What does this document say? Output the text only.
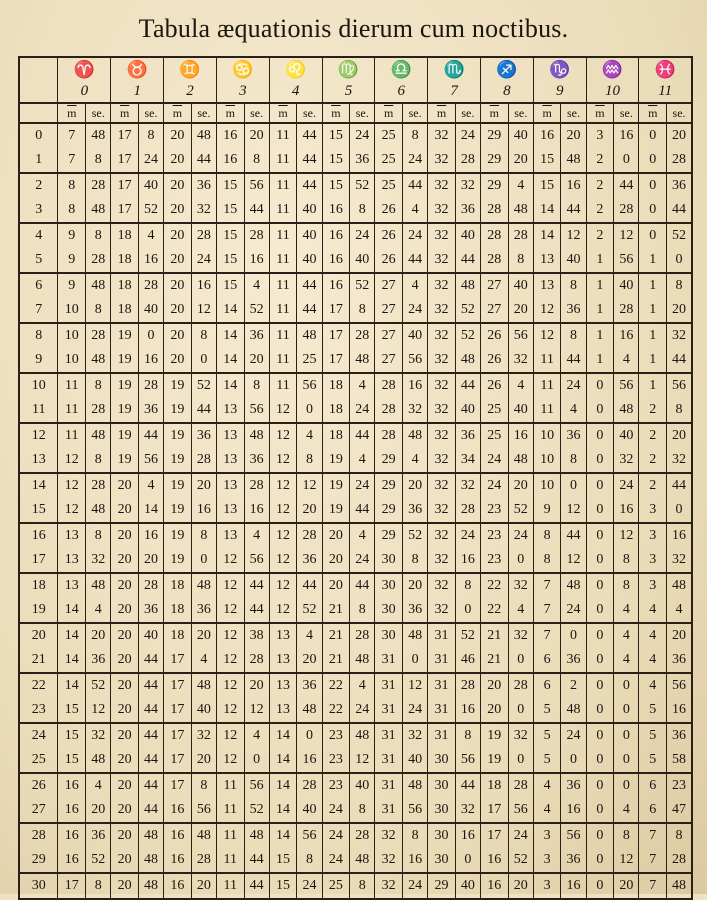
Tabula æquationis dierum cum noctibus.
	♈		♉		♊		♋		♌		♍		♎		♏		♐		♑		♒		♓	
	0		1		2		3		4		5		6		7		8		9		10		11	
	$\overline{m}$	se.	$\overline{m}$	se.	$\overline{m}$	se.	$\overline{m}$	se.	$\overline{m}$	se.	$\overline{m}$	se.	$\overline{m}$	se.	$\overline{m}$	se.	$\overline{m}$	se.	$\overline{m}$	se.	$\overline{m}$	se.	$\overline{m}$	se.
0	7	48	17	8	20	48	16	20	11	44	15	24	25	8	32	24	29	40	16	20	3	16	0	20
1	7	8	17	24	20	44	16	8	11	44	15	36	25	24	32	28	29	20	15	48	2	0	0	28
2	8	28	17	40	20	36	15	56	11	44	15	52	25	44	32	32	29	4	15	16	2	44	0	36
3	8	48	17	52	20	32	15	44	11	40	16	8	26	4	32	36	28	48	14	44	2	28	0	44
4	9	8	18	4	20	28	15	28	11	40	16	24	26	24	32	40	28	28	14	12	2	12	0	52
5	9	28	18	16	20	24	15	16	11	40	16	40	26	44	32	44	28	8	13	40	1	56	1	0
6	9	48	18	28	20	16	15	4	11	44	16	52	27	4	32	48	27	40	13	8	1	40	1	8
7	10	8	18	40	20	12	14	52	11	44	17	8	27	24	32	52	27	20	12	36	1	28	1	20
8	10	28	19	0	20	8	14	36	11	48	17	28	27	40	32	52	26	56	12	8	1	16	1	32
9	10	48	19	16	20	0	14	20	11	25	17	48	27	56	32	48	26	32	11	44	1	4	1	44
10	11	8	19	28	19	52	14	8	11	56	18	4	28	16	32	44	26	4	11	24	0	56	1	56
11	11	28	19	36	19	44	13	56	12	0	18	24	28	32	32	40	25	40	11	4	0	48	2	8
12	11	48	19	44	19	36	13	48	12	4	18	44	28	48	32	36	25	16	10	36	0	40	2	20
13	12	8	19	56	19	28	13	36	12	8	19	4	29	4	32	34	24	48	10	8	0	32	2	32
14	12	28	20	4	19	20	13	28	12	12	19	24	29	20	32	32	24	20	10	0	0	24	2	44
15	12	48	20	14	19	16	13	16	12	20	19	44	29	36	32	28	23	52	9	12	0	16	3	0
16	13	8	20	16	19	8	13	4	12	28	20	4	29	52	32	24	23	24	8	44	0	12	3	16
17	13	32	20	20	19	0	12	56	12	36	20	24	30	8	32	16	23	0	8	12	0	8	3	32
18	13	48	20	28	18	48	12	44	12	44	20	44	30	20	32	8	22	32	7	48	0	8	3	48
19	14	4	20	36	18	36	12	44	12	52	21	8	30	36	32	0	22	4	7	24	0	4	4	4
20	14	20	20	40	18	20	12	38	13	4	21	28	30	48	31	52	21	32	7	0	0	4	4	20
21	14	36	20	44	17	4	12	28	13	20	21	48	31	0	31	46	21	0	6	36	0	4	4	36
22	14	52	20	44	17	48	12	20	13	36	22	4	31	12	31	28	20	28	6	2	0	0	4	56
23	15	12	20	44	17	40	12	12	13	48	22	24	31	24	31	16	20	0	5	48	0	0	5	16
24	15	32	20	44	17	32	12	4	14	0	23	48	31	32	31	8	19	32	5	24	0	0	5	36
25	15	48	20	44	17	20	12	0	14	16	23	12	31	40	30	56	19	0	5	0	0	0	5	58
26	16	4	20	44	17	8	11	56	14	28	23	40	31	48	30	44	18	28	4	36	0	0	6	23
27	16	20	20	44	16	56	11	52	14	40	24	8	31	56	30	32	17	56	4	16	0	4	6	47
28	16	36	20	48	16	48	11	48	14	56	24	28	32	8	30	16	17	24	3	56	0	8	7	8
29	16	52	20	48	16	28	11	44	15	8	24	48	32	16	30	0	16	52	3	36	0	12	7	28
30	17	8	20	48	16	20	11	44	15	24	25	8	32	24	29	40	16	20	3	16	0	20	7	48
